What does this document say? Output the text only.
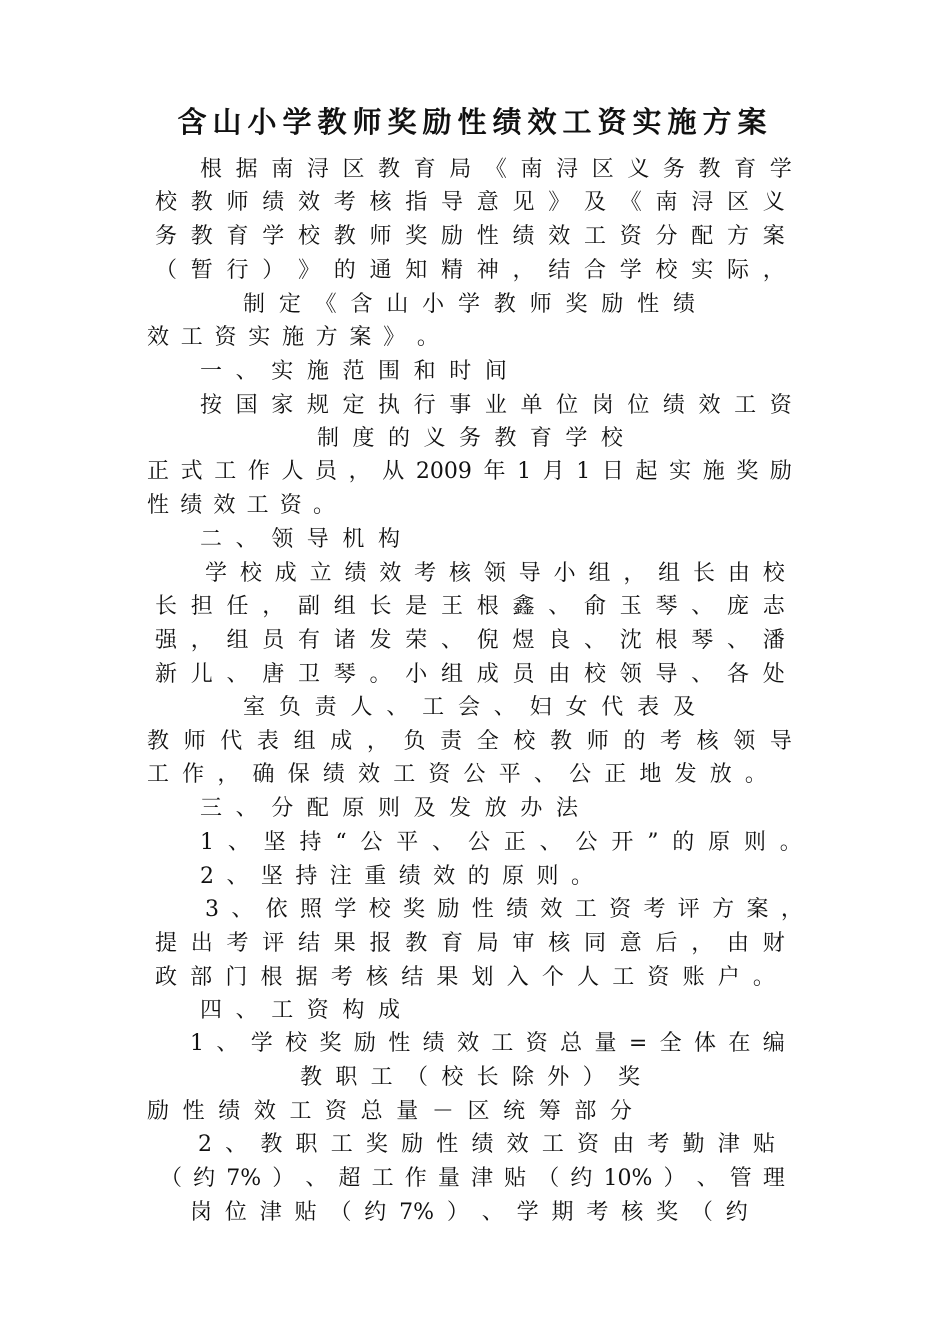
含山小学教师奖励性绩效工资实施方案
根 据 南 浔 区 教 育 局 《 南 浔 区 义 务 教 育 学
校 教 师 绩 效 考 核 指 导 意 见 》 及 《 南 浔 区 义
务 教 育 学 校 教 师 奖 励 性 绩 效 工 资 分 配 方 案
（ 暂 行 ） 》 的 通 知 精 神 ， 结 合 学 校 实 际 ，
制 定 《 含 山 小 学 教 师 奖 励 性 绩
效 工 资 实 施 方 案 》 。
一 、 实 施 范 围 和 时 间
按 国 家 规 定 执 行 事 业 单 位 岗 位 绩 效 工 资
制 度 的 义 务 教 育 学 校
正 式 工 作 人 员 ， 从 2009 年 1 月 1 日 起 实 施 奖 励
性 绩 效 工 资 。
二 、 领 导 机 构
学 校 成 立 绩 效 考 核 领 导 小 组 ， 组 长 由 校
长 担 任 ， 副 组 长 是 王 根 鑫 、 俞 玉 琴 、 庞 志
强 ， 组 员 有 诸 发 荣 、 倪 煜 良 、 沈 根 琴 、 潘
新 儿 、 唐 卫 琴 。 小 组 成 员 由 校 领 导 、 各 处
室 负 责 人 、 工 会 、 妇 女 代 表 及
教 师 代 表 组 成 ， 负 责 全 校 教 师 的 考 核 领 导
工 作 ， 确 保 绩 效 工 资 公 平 、 公 正 地 发 放 。
三 、 分 配 原 则 及 发 放 办 法
1 、 坚 持 “ 公 平 、 公 正 、 公 开 ” 的 原 则 。
2 、 坚 持 注 重 绩 效 的 原 则 。
3 、 依 照 学 校 奖 励 性 绩 效 工 资 考 评 方 案 ，
提 出 考 评 结 果 报 教 育 局 审 核 同 意 后 ， 由 财
政 部 门 根 据 考 核 结 果 划 入 个 人 工 资 账 户 。
四 、 工 资 构 成
1 、 学 校 奖 励 性 绩 效 工 资 总 量 = 全 体 在 编
教 职 工 （ 校 长 除 外 ） 奖
励 性 绩 效 工 资 总 量 － 区 统 筹 部 分
2 、 教 职 工 奖 励 性 绩 效 工 资 由 考 勤 津 贴
（ 约 7% ） 、 超 工 作 量 津 贴 （ 约 10% ） 、 管 理
岗 位 津 贴 （ 约 7% ） 、 学 期 考 核 奖 （ 约
